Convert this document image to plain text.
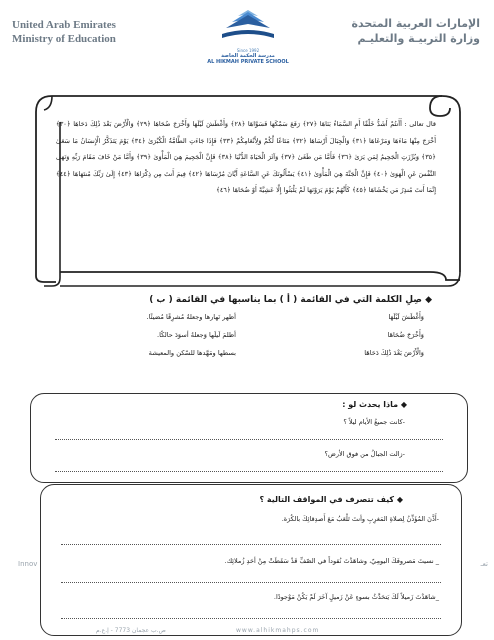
United Arab Emirates
Ministry of Education
Since 1992
مدرسة الحكمة الخاصة
AL HIKMAH PRIVATE SCHOOL
الإمارات العربية المتحدة
وزارة التربيـة والتعليـم
قال تعالى : أَأَنتُمْ أَشَدُّ خَلْقًا أَمِ السَّمَاءُ بَنَاهَا ﴿٢٧﴾ رَفَعَ سَمْكَهَا فَسَوَّاهَا ﴿٢٨﴾ وَأَغْطَشَ لَيْلَهَا وَأَخْرَجَ ضُحَاهَا ﴿٢٩﴾ وَالْأَرْضَ بَعْدَ ذَٰلِكَ دَحَاهَا ﴿٣٠﴾ أَخْرَجَ مِنْهَا مَاءَهَا وَمَرْعَاهَا ﴿٣١﴾ وَالْجِبَالَ أَرْسَاهَا ﴿٣٢﴾ مَتَاعًا لَّكُمْ وَلِأَنْعَامِكُمْ ﴿٣٣﴾ فَإِذَا جَاءَتِ الطَّامَّةُ الْكُبْرَىٰ ﴿٣٤﴾ يَوْمَ يَتَذَكَّرُ الْإِنسَانُ مَا سَعَىٰ ﴿٣٥﴾ وَبُرِّزَتِ الْجَحِيمُ لِمَن يَرَىٰ ﴿٣٦﴾ فَأَمَّا مَن طَغَىٰ ﴿٣٧﴾ وَآثَرَ الْحَيَاةَ الدُّنْيَا ﴿٣٨﴾ فَإِنَّ الْجَحِيمَ هِيَ الْمَأْوَىٰ ﴿٣٩﴾ وَأَمَّا مَنْ خَافَ مَقَامَ رَبِّهِ وَنَهَى النَّفْسَ عَنِ الْهَوَىٰ ﴿٤٠﴾ فَإِنَّ الْجَنَّةَ هِيَ الْمَأْوَىٰ ﴿٤١﴾ يَسْأَلُونَكَ عَنِ السَّاعَةِ أَيَّانَ مُرْسَاهَا ﴿٤٢﴾ فِيمَ أَنتَ مِن ذِكْرَاهَا ﴿٤٣﴾ إِلَىٰ رَبِّكَ مُنتَهَاهَا ﴿٤٤﴾ إِنَّمَا أَنتَ مُنذِرُ مَن يَخْشَاهَا ﴿٤٥﴾ كَأَنَّهُمْ يَوْمَ يَرَوْنَهَا لَمْ يَلْبَثُوا إِلَّا عَشِيَّةً أَوْ ضُحَاهَا ﴿٤٦﴾
◆ صِلِ الكلمة التي في القائمة ( أ ) بما يناسبها في القائمة ( ب )
وَأَغْطَشَ لَيْلَهَا
وَأَخْرَجَ ضُحَاهَا
وَالْأَرْضَ بَعْدَ ذَٰلِكَ دَحَاهَا
أظهر نَهارها وجعلهُ مُشرِقًا مُضيئًا.
أظلمَ لَيلَها وَجعلهُ أسوَدَ حالكًا.
بسطها ومَهَّدها للسّكن والمعيشة
◆ ماذا يحدث لو :
-كانت جميعُ الأيام ليلاً ؟
-زالت الجبالُ من فوق الأرض؟
Innov	تعـ
◆ كيف تتصرف في المواقف التالية ؟
-أَذَّنَ المُؤَذِّنُ لِصلاةِ المَغرِبِ وأنتَ تَلْعَبُ مَعَ أَصدِقائِكَ بالكُرَة.
_ نسيتَ مَصروفَكَ اليومِيّ، وشاهَدْتَ نُقوداً في الصّفِّ قَدْ سَقَطَتْ مِنْ أحَدِ زُملائِك.
_شاهَدْتَ زَميلاً لَكَ يَتحَدَّثُ بسوءٍ عَنْ زَميلٍ آخَرَ لَمْ يَكُنْ مَوْجودًا.
ص.ب عجمان 7773 - إ.ع.م	www.alhikmahps.com
